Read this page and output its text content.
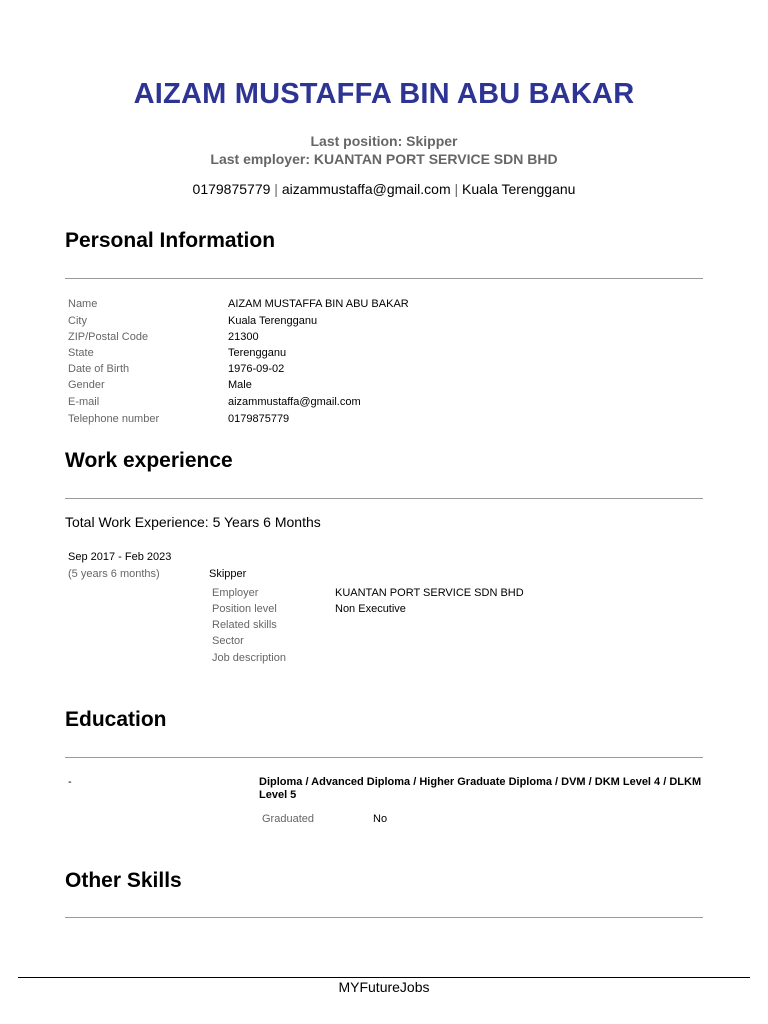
AIZAM MUSTAFFA BIN ABU BAKAR
Last position: Skipper
Last employer: KUANTAN PORT SERVICE SDN BHD
0179875779 | aizammustaffa@gmail.com | Kuala Terengganu
Personal Information
Name	AIZAM MUSTAFFA BIN ABU BAKAR
City	Kuala Terengganu
ZIP/Postal Code	21300
State	Terengganu
Date of Birth	1976-09-02
Gender	Male
E-mail	aizammustaffa@gmail.com
Telephone number	0179875779
Work experience
Total Work Experience: 5 Years 6 Months
Sep 2017 - Feb 2023
(5 years 6 months)	Skipper
Employer	KUANTAN PORT SERVICE SDN BHD
Position level	Non Executive
Related skills
Sector
Job description
Education
-	Diploma / Advanced Diploma / Higher Graduate Diploma / DVM / DKM Level 4 / DLKM Level 5
Graduated	No
Other Skills
MYFutureJobs
